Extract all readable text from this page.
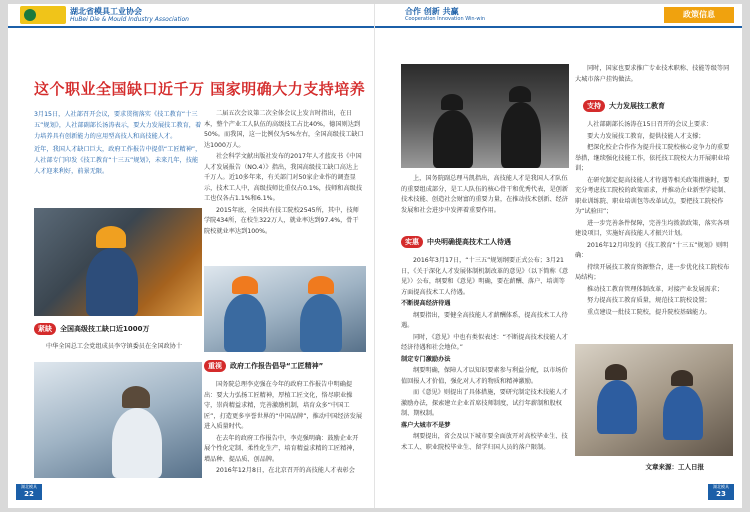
湖北省模具工业协会
HuBei Die & Mould Industry Association
这个职业全国缺口近千万 国家明确大力支持培养

3月15日，人社部召开会议，要求贯彻落实《技工教育“十三五”规划》，人社部副部长汤涛表示，要大力发展技工教育，着力培养具有创新能力的应用型高技人和高技能人才。

近年，我国人才缺口巨大，政府工作报告中提倡“工匠精神”，人社部专门印发《技工教育“十三五”规划》，未来几年，技能人才迎来利好，前景无限。

紧缺	全国高级技工缺口近1000万

中华全国总工会党组成员李守镇委员在全国政协十

二届五次会议第二次全体会议上发言时指出，在日本，整个产业工人队伍的高级技工占比40%，德国则达到50%。而我国，这一比例仅为5%左右，全国高级技工缺口达1000万人。

社会科学文献出版社发布的2017年人才蓝皮书《中国人才发展报告（NO.4）》指出，我国高级技工缺口高达上千万人。近10多年来，有关部门对50家企业作的调查显示，技术工人中，高级技师比重仅占0.1%，技师和高级技工也仅各占1.1%和6.1%。

2015年底，全国共有技工院校2545所，其中，技师学院434所，在校生322万人，就业率达到97.4%，骨干院校就业率达到100%。

重视	政府工作报告倡导“工匠精神”

国务院总理李克强在今年的政府工作报告中明确提出：要大力弘扬工匠精神，厚植工匠文化，恪尽职业操守，崇尚精益求精，完善激励机制，培育众多“中国工匠”，打造更多享誉世界的“中国品牌”，推动中国经济发展进入质量时代。

在去年的政府工作报告中，李克强明确：鼓励企业开展个性化定制、柔性化生产，培育精益求精的工匠精神，增品种、提品质、创品牌。

2016年12月8日，在北京召开的高技能人才表彰会

湖北模具
22
合作 创新 共赢
Cooperation Innovation Win-win	政策信息

上，国务院副总理马凯指出，高技能人才是我国人才队伍的重要组成部分，是工人队伍的核心骨干和优秀代表，是创新技术技能、创造社会财富的重要力量，在推动技术创新、经济发展和社会进步中发挥着重要作用。

实惠	中央明确提高技术工人待遇

2016年3月17日，“十三五”规划纲要正式公布；3月21日，《关于深化人才发展体制机制改革的意见》（以下简称《意见》）公布，纲要和《意见》明确，要在薪酬、落户、培训等方面提高技术工人待遇。

不断提高经济待遇

纲要指出，要健全高技能人才薪酬体系，提高技术工人待遇。

同时，《意见》中也有类似表述：“不断提高技术技能人才经济待遇和社会地位。”

制定专门激励办法

纲要明确，保障人才以知识要素参与利益分配，以市场价值回报人才价值，强化对人才的物质和精神激励。

而《意见》则提出了具体措施，要研究制定技术技能人才激励办法，探索建立企业首席技师制度，试行年薪制和股权制、期权制。

落户大城市不是梦

纲要提出，省会及以下城市要全面放开对高校毕业生、技术工人、职业院校毕业生、留学归国人员的落户限制。

同时，国家也要求推广专业技术职称、技能等级等同大城市落户挂钩做法。

支持	大力发展技工教育

人社部副部长汤涛在15日召开的会议上要求：

要大力发展技工教育，提供技能人才支撑；

把深化校企合作作为提升技工院校核心竞争力的重要举措，继续强化技能工作，依托技工院校大力开展职业培训；

在研究制定提高技能人才待遇等相关政策措施时，要充分考虑技工院校的政策需求，并推动企业新型学徒制、职业训练院、职业培训包等改革试点，要把技工院校作为“试验田”；

进一步完善条件保障，完善生均拨款政策，落实各项建设项目，实施好高技能人才振兴计划。

2016年12月印发的《技工教育“十三五”规划》则明确：

持续开展技工教育资源整合，进一步优化技工院校布局结构；

推动技工教育管理体制改革，对接产业发展需求；

努力提高技工教育质量，规范技工院校设置；

重点建设一批技工院校，提升院校基础能力。

文章来源：工人日报
湖北模具
23
